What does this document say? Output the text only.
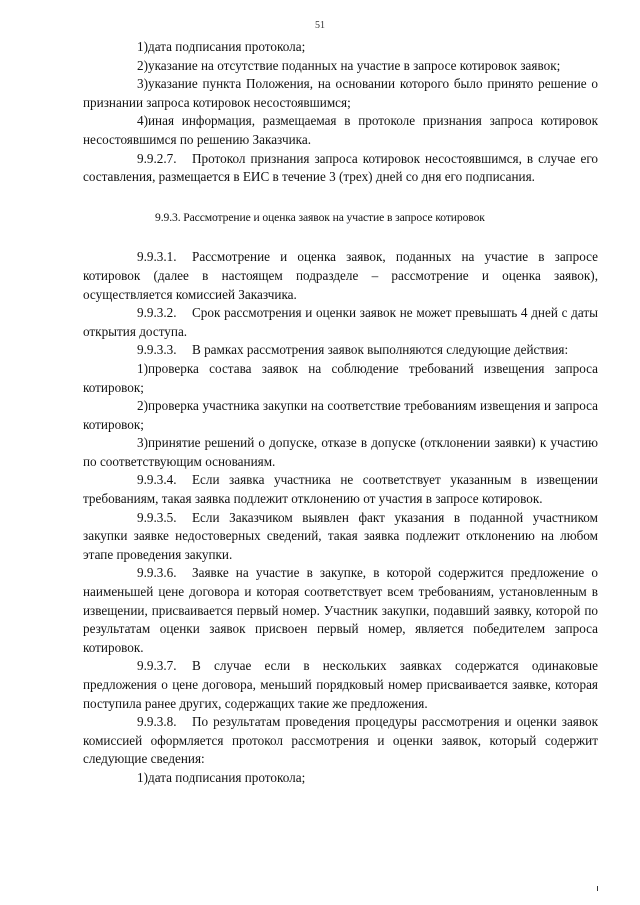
51
1)дата подписания протокола;
2)указание на отсутствие поданных на участие в запросе котировок заявок;
3)указание пункта Положения, на основании которого было принято решение о признании запроса котировок несостоявшимся;
4)иная информация, размещаемая в протоколе признания запроса котировок несостоявшимся по решению Заказчика.
9.9.2.7. Протокол признания запроса котировок несостоявшимся, в случае его составления, размещается в ЕИС в течение 3 (трех) дней со дня его подписания.
9.9.3. Рассмотрение и оценка заявок на участие в запросе котировок
9.9.3.1. Рассмотрение и оценка заявок, поданных на участие в запросе котировок (далее в настоящем подразделе – рассмотрение и оценка заявок), осуществляется комиссией Заказчика.
9.9.3.2. Срок рассмотрения и оценки заявок не может превышать 4 дней с даты открытия доступа.
9.9.3.3. В рамках рассмотрения заявок выполняются следующие действия:
1)проверка состава заявок на соблюдение требований извещения запроса котировок;
2)проверка участника закупки на соответствие требованиям извещения и запроса котировок;
3)принятие решений о допуске, отказе в допуске (отклонении заявки) к участию по соответствующим основаниям.
9.9.3.4. Если заявка участника не соответствует указанным в извещении требованиям, такая заявка подлежит отклонению от участия в запросе котировок.
9.9.3.5. Если Заказчиком выявлен факт указания в поданной участником закупки заявке недостоверных сведений, такая заявка подлежит отклонению на любом этапе проведения закупки.
9.9.3.6. Заявке на участие в закупке, в которой содержится предложение о наименьшей цене договора и которая соответствует всем требованиям, установленным в извещении, присваивается первый номер. Участник закупки, подавший заявку, которой по результатам оценки заявок присвоен первый номер, является победителем запроса котировок.
9.9.3.7. В случае если в нескольких заявках содержатся одинаковые предложения о цене договора, меньший порядковый номер присваивается заявке, которая поступила ранее других, содержащих такие же предложения.
9.9.3.8. По результатам проведения процедуры рассмотрения и оценки заявок комиссией оформляется протокол рассмотрения и оценки заявок, который содержит следующие сведения:
1)дата подписания протокола;
